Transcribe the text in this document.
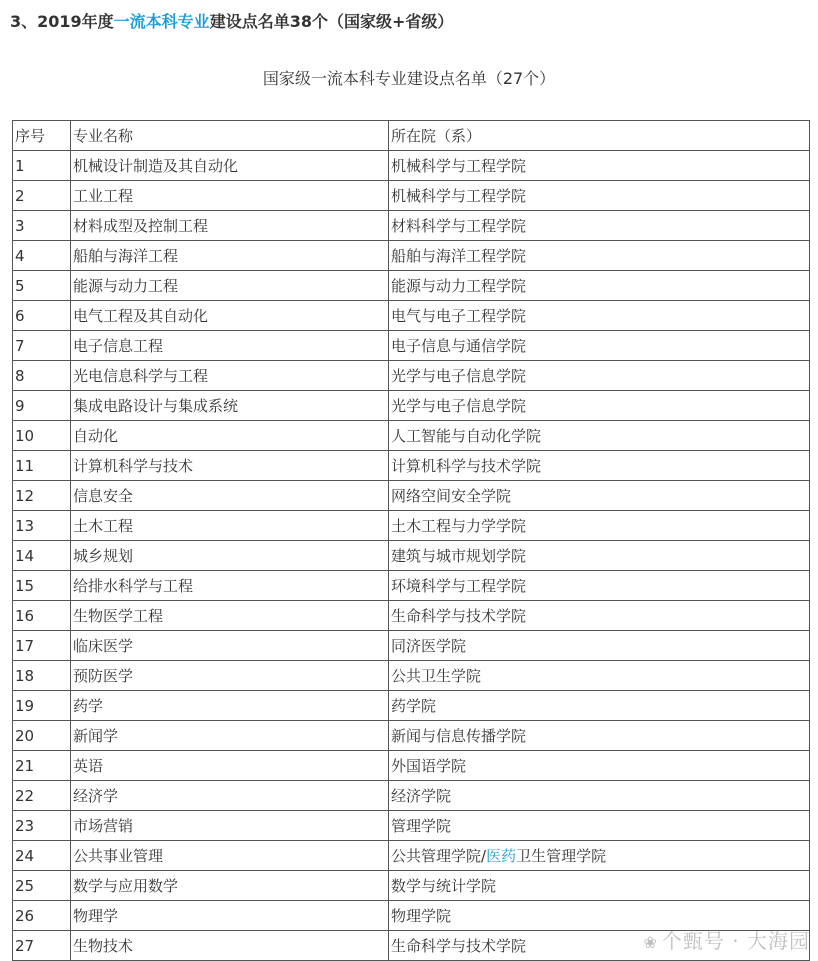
3、2019年度一流本科专业建设点名单38个（国家级+省级）
国家级一流本科专业建设点名单（27个）
序号	专业名称	所在院（系）
1	机械设计制造及其自动化	机械科学与工程学院
2	工业工程	机械科学与工程学院
3	材料成型及控制工程	材料科学与工程学院
4	船舶与海洋工程	船舶与海洋工程学院
5	能源与动力工程	能源与动力工程学院
6	电气工程及其自动化	电气与电子工程学院
7	电子信息工程	电子信息与通信学院
8	光电信息科学与工程	光学与电子信息学院
9	集成电路设计与集成系统	光学与电子信息学院
10	自动化	人工智能与自动化学院
11	计算机科学与技术	计算机科学与技术学院
12	信息安全	网络空间安全学院
13	土木工程	土木工程与力学学院
14	城乡规划	建筑与城市规划学院
15	给排水科学与工程	环境科学与工程学院
16	生物医学工程	生命科学与技术学院
17	临床医学	同济医学院
18	预防医学	公共卫生学院
19	药学	药学院
20	新闻学	新闻与信息传播学院
21	英语	外国语学院
22	经济学	经济学院
23	市场营销	管理学院
24	公共事业管理	公共管理学院/医药卫生管理学院
25	数学与应用数学	数学与统计学院
26	物理学	物理学院
27	生物技术	生命科学与技术学院	❀ 个甄号 · 大海园
